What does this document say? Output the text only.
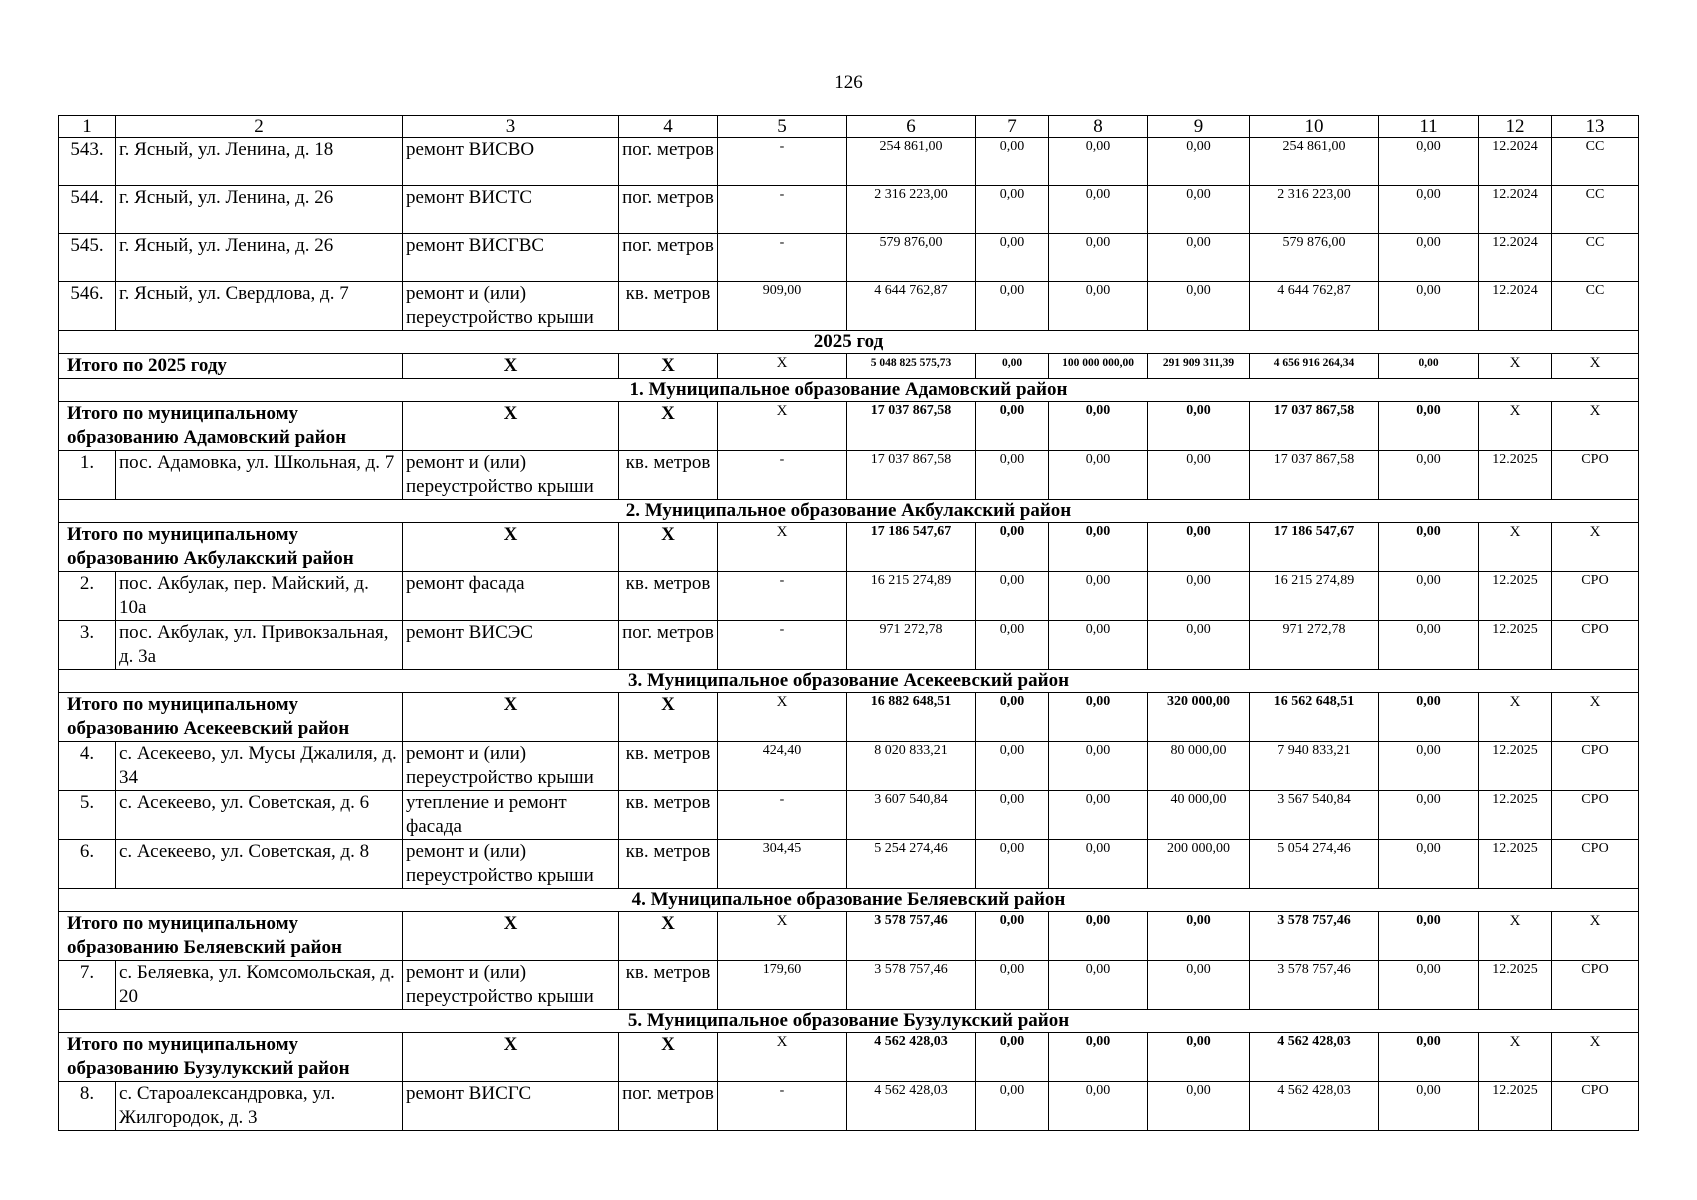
126
1	2	3	4	5	6	7	8	9	10	11	12	13
543.	г. Ясный, ул. Ленина, д. 18	ремонт ВИСВО	пог. метров	-	254 861,00	0,00	0,00	0,00	254 861,00	0,00	12.2024	СС
544.	г. Ясный, ул. Ленина, д. 26	ремонт ВИСТС	пог. метров	-	2 316 223,00	0,00	0,00	0,00	2 316 223,00	0,00	12.2024	СС
545.	г. Ясный, ул. Ленина, д. 26	ремонт ВИСГВС	пог. метров	-	579 876,00	0,00	0,00	0,00	579 876,00	0,00	12.2024	СС
546.	г. Ясный, ул. Свердлова, д. 7	ремонт и (или) переустройство крыши	кв. метров	909,00	4 644 762,87	0,00	0,00	0,00	4 644 762,87	0,00	12.2024	СС
2025 год												
Итого по 2025 году		X	X	X	5 048 825 575,73	0,00	100 000 000,00	291 909 311,39	4 656 916 264,34	0,00	X	X
1. Муниципальное образование Адамовский район												
Итого по муниципальному образованию Адамовский район		X	X	X	17 037 867,58	0,00	0,00	0,00	17 037 867,58	0,00	X	X
1.	пос. Адамовка, ул. Школьная, д. 7	ремонт и (или) переустройство крыши	кв. метров	-	17 037 867,58	0,00	0,00	0,00	17 037 867,58	0,00	12.2025	СРО
2. Муниципальное образование Акбулакский район												
Итого по муниципальному образованию Акбулакский район		X	X	X	17 186 547,67	0,00	0,00	0,00	17 186 547,67	0,00	X	X
2.	пос. Акбулак, пер. Майский, д. 10а	ремонт фасада	кв. метров	-	16 215 274,89	0,00	0,00	0,00	16 215 274,89	0,00	12.2025	СРО
3.	пос. Акбулак, ул. Привокзальная, д. 3а	ремонт ВИСЭС	пог. метров	-	971 272,78	0,00	0,00	0,00	971 272,78	0,00	12.2025	СРО
3. Муниципальное образование Асекеевский район												
Итого по муниципальному образованию Асекеевский район		X	X	X	16 882 648,51	0,00	0,00	320 000,00	16 562 648,51	0,00	X	X
4.	с. Асекеево, ул. Мусы Джалиля, д. 34	ремонт и (или) переустройство крыши	кв. метров	424,40	8 020 833,21	0,00	0,00	80 000,00	7 940 833,21	0,00	12.2025	СРО
5.	с. Асекеево, ул. Советская, д. 6	утепление и ремонт фасада	кв. метров	-	3 607 540,84	0,00	0,00	40 000,00	3 567 540,84	0,00	12.2025	СРО
6.	с. Асекеево, ул. Советская, д. 8	ремонт и (или) переустройство крыши	кв. метров	304,45	5 254 274,46	0,00	0,00	200 000,00	5 054 274,46	0,00	12.2025	СРО
4. Муниципальное образование Беляевский район												
Итого по муниципальному образованию Беляевский район		X	X	X	3 578 757,46	0,00	0,00	0,00	3 578 757,46	0,00	X	X
7.	с. Беляевка, ул. Комсомольская, д. 20	ремонт и (или) переустройство крыши	кв. метров	179,60	3 578 757,46	0,00	0,00	0,00	3 578 757,46	0,00	12.2025	СРО
5. Муниципальное образование Бузулукский район												
Итого по муниципальному образованию Бузулукский район		X	X	X	4 562 428,03	0,00	0,00	0,00	4 562 428,03	0,00	X	X
8.	с. Староалександровка, ул. Жилгородок, д. 3	ремонт ВИСГС	пог. метров	-	4 562 428,03	0,00	0,00	0,00	4 562 428,03	0,00	12.2025	СРО
